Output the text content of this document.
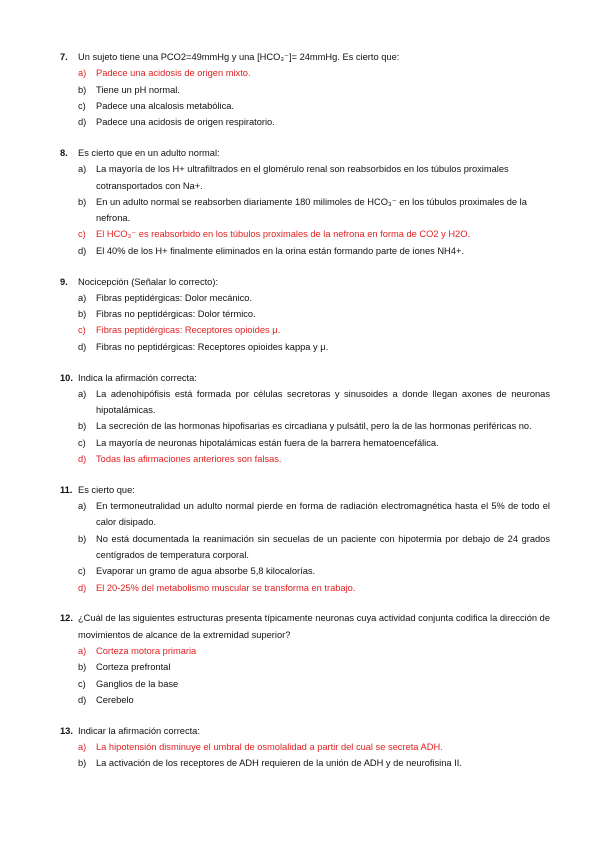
7.	Un sujeto tiene una PCO2=49mmHg y una [HCO₃⁻]= 24mmHg. Es cierto que:
a)	Padece una acidosis de origen mixto.
b)	Tiene un pH normal.
c)	Padece una alcalosis metabólica.
d)	Padece una acidosis de origen respiratorio.
8.	Es cierto que en un adulto normal:
a)	La mayoría de los H+ ultrafiltrados en el glomérulo renal son reabsorbidos en los túbulos proximales cotransportados con Na+.
b)	En un adulto normal se reabsorben diariamente 180 milimoles de HCO₃⁻ en los túbulos proximales de la nefrona.
c)	El HCO₃⁻ es reabsorbido en los túbulos proximales de la nefrona en forma de CO2 y H2O.
d)	El 40% de los H+ finalmente eliminados en la orina están formando parte de iones NH4+.
9.	Nocicepción (Señalar lo correcto):
a)	Fibras peptidérgicas: Dolor mecánico.
b)	Fibras no peptidérgicas: Dolor térmico.
c)	Fibras peptidérgicas: Receptores opioides μ.
d)	Fibras no peptidérgicas: Receptores opioides kappa y μ.
10. Indica la afirmación correcta:
a)	La adenohipófisis está formada por células secretoras y sinusoides a donde llegan axones de neuronas hipotalámicas.
b)	La secreción de las hormonas hipofisarias es circadiana y pulsátil, pero la de las hormonas periféricas no.
c)	La mayoría de neuronas hipotalámicas están fuera de la barrera hematoencefálica.
d)	Todas las afirmaciones anteriores son falsas.
11. Es cierto que:
a)	En termoneutralidad un adulto normal pierde en forma de radiación electromagnética hasta el 5% de todo el calor disipado.
b)	No está documentada la reanimación sin secuelas de un paciente con hipotermia por debajo de 24 grados centígrados de temperatura corporal.
c)	Evaporar un gramo de agua absorbe 5,8 kilocalorías.
d)	El 20-25% del metabolismo muscular se transforma en trabajo.
12. ¿Cuál de las siguientes estructuras presenta típicamente neuronas cuya actividad conjunta codifica la dirección de movimientos de alcance de la extremidad superior?
a)	Corteza motora primaria
b)	Corteza prefrontal
c)	Ganglios de la base
d)	Cerebelo
13. Indicar la afirmación correcta:
a)	La hipotensión disminuye el umbral de osmolalidad a partir del cual se secreta ADH.
b)	La activación de los receptores de ADH requieren de la unión de ADH y de neurofisina II.
